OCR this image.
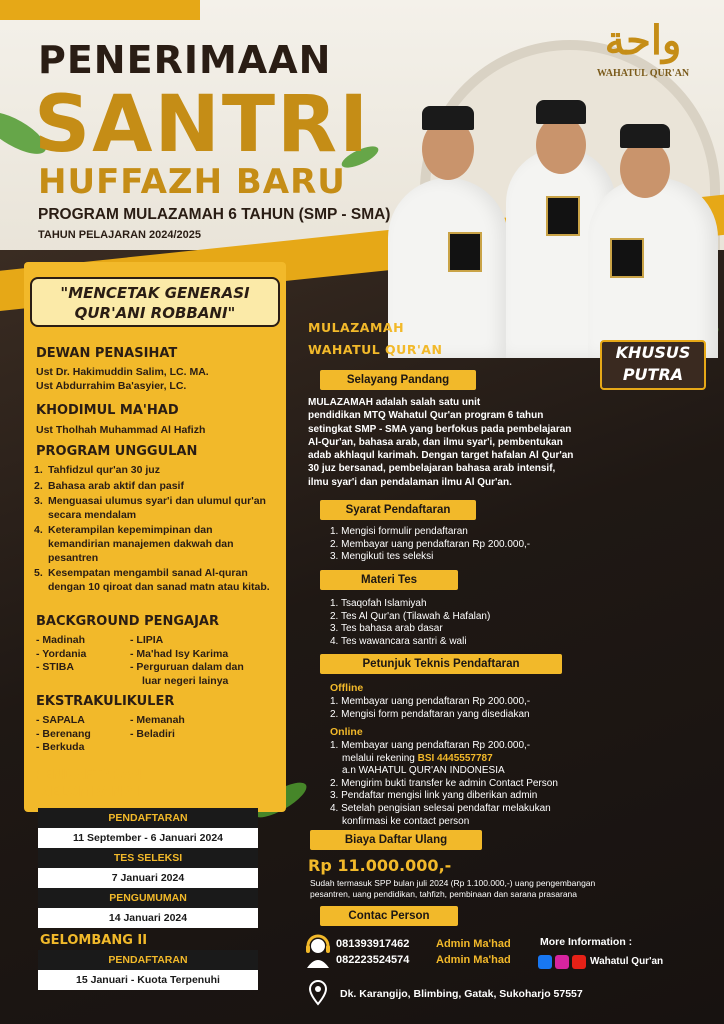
PENERIMAAN
SANTRI
HUFFAZH BARU
PROGRAM MULAZAMAH 6 TAHUN (SMP - SMA)
TAHUN PELAJARAN 2024/2025
واحة
WAHATUL QUR'AN
KHUSUS
PUTRA
"MENCETAK GENERASI
QUR'ANI ROBBANI"
DEWAN PENASIHAT
Ust Dr. Hakimuddin Salim, LC. MA.
Ust Abdurrahim Ba'asyier, LC.
KHODIMUL MA'HAD
Ust Tholhah Muhammad Al Hafizh
PROGRAM UNGGULAN
1. Tahfidzul qur'an 30 juz
2. Bahasa arab aktif dan pasif
3. Menguasai ulumus syar'i dan ulumul qur'an secara mendalam
4. Keterampilan kepemimpinan dan kemandirian manajemen dakwah dan pesantren
5. Kesempatan mengambil sanad Al-quran dengan 10 qiroat dan sanad matn atau kitab.
BACKGROUND PENGAJAR
- Madinah
- Yordania
- STIBA
- LIPIA
- Ma'had Isy Karima
- Perguruan dalam dan
luar negeri lainya
EKSTRAKULIKULER
- SAPALA
- Berenang
- Berkuda
- Memanah
- Beladiri
PENDAFTARAN
GELOMBANG I
PENDAFTARAN
11 September - 6 Januari 2024
TES SELEKSI
7 Januari 2024
PENGUMUMAN
14 Januari 2024
GELOMBANG II
PENDAFTARAN
15 Januari - Kuota Terpenuhi
MULAZAMAH
WAHATUL QUR'AN
Selayang Pandang
MULAZAMAH adalah salah satu unit
pendidikan MTQ Wahatul Qur'an program 6 tahun
setingkat SMP - SMA yang berfokus pada pembelajaran
Al-Qur'an, bahasa arab, dan ilmu syar'i, pembentukan
adab akhlaqul karimah. Dengan target hafalan Al Qur'an
30 juz bersanad, pembelajaran bahasa arab intensif,
ilmu syar'i dan pendalaman ilmu Al Qur'an.
Syarat Pendaftaran
1. Mengisi formulir pendaftaran
2. Membayar uang pendaftaran Rp 200.000,-
3. Mengikuti tes seleksi
Materi Tes
1. Tsaqofah Islamiyah
2. Tes Al Qur'an (Tilawah & Hafalan)
3. Tes bahasa arab dasar
4. Tes wawancara santri & wali
Petunjuk Teknis Pendaftaran
Offline
1. Membayar uang pendaftaran Rp 200.000,-
2. Mengisi form pendaftaran yang disediakan
Online
1. Membayar uang pendaftaran Rp 200.000,-
melalui rekening BSI 4445557787
a.n WAHATUL QUR'AN INDONESIA
2. Mengirim bukti transfer ke admin Contact Person
3. Pendaftar mengisi link yang diberikan admin
4. Setelah pengisian selesai pendaftar melakukan
konfirmasi ke contact person
Biaya Daftar Ulang
Rp 11.000.000,-
Sudah termasuk SPP bulan juli 2024 (Rp 1.100.000,-) uang pengembangan
pesantren, uang pendidikan, tahfizh, pembinaan dan sarana prasarana
Contac Person
081393917462 Admin Ma'had
082223524574 Admin Ma'had
More Information :
Wahatul Qur'an
Dk. Karangijo, Blimbing, Gatak, Sukoharjo 57557
